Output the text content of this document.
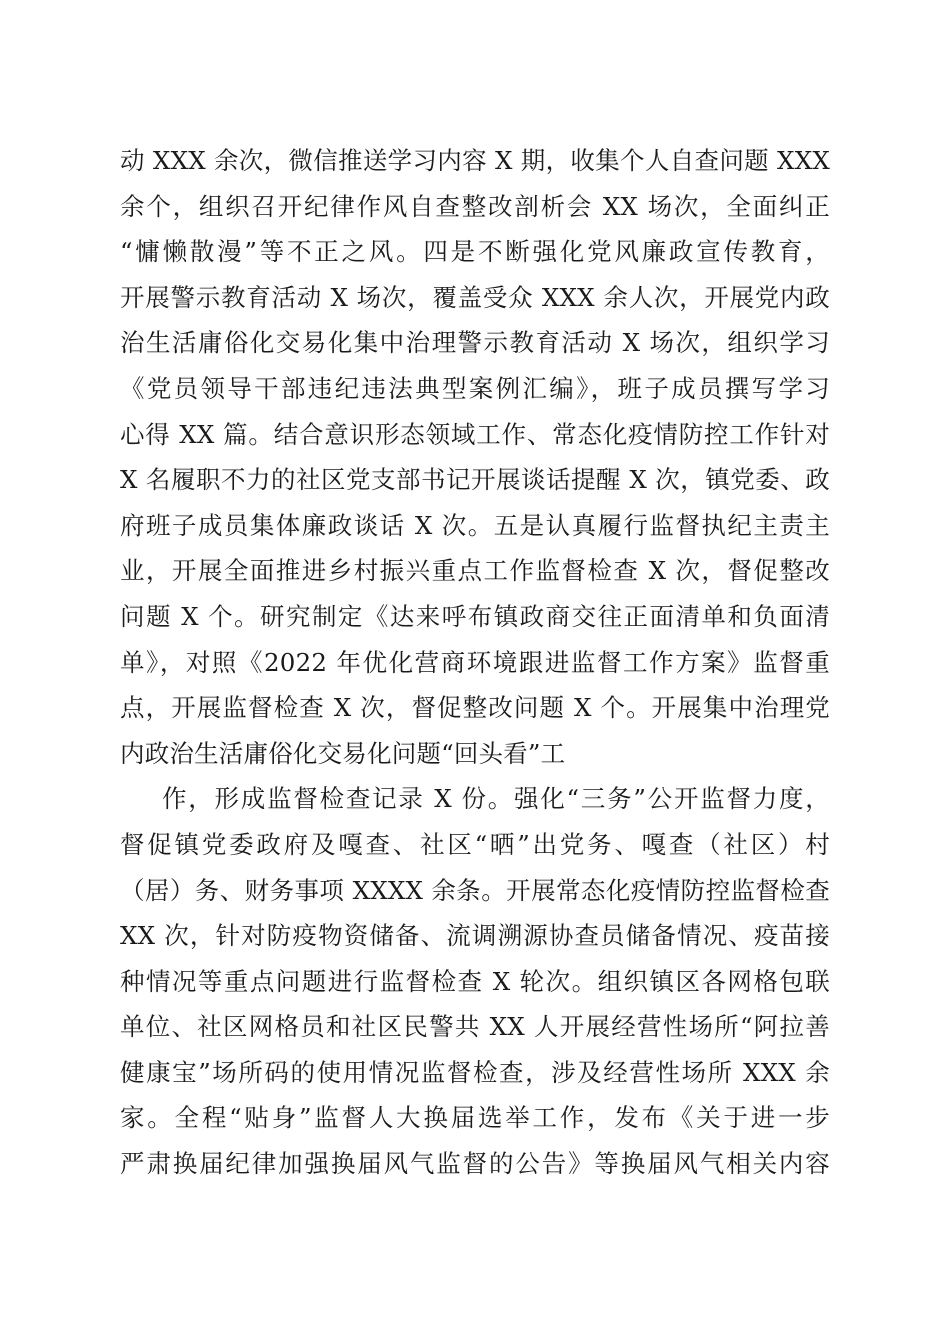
动 XXX 余次，微信推送学习内容 X 期，收集个人自查问题 XXX
余个，组织召开纪律作风自查整改剖析会 XX 场次，全面纠正
“慵懒散漫”等不正之风。四是不断强化党风廉政宣传教育，
开展警示教育活动 X 场次，覆盖受众 XXX 余人次，开展党内政
治生活庸俗化交易化集中治理警示教育活动 X 场次，组织学习
《党员领导干部违纪违法典型案例汇编》，班子成员撰写学习
心得 XX 篇。结合意识形态领域工作、常态化疫情防控工作针对
X 名履职不力的社区党支部书记开展谈话提醒 X 次，镇党委、政
府班子成员集体廉政谈话 X 次。五是认真履行监督执纪主责主
业，开展全面推进乡村振兴重点工作监督检查 X 次，督促整改
问题 X 个。研究制定《达来呼布镇政商交往正面清单和负面清
单》，对照《2022 年优化营商环境跟进监督工作方案》监督重
点，开展监督检查 X 次，督促整改问题 X 个。开展集中治理党
内政治生活庸俗化交易化问题“回头看”工
作，形成监督检查记录 X 份。强化“三务”公开监督力度，
督促镇党委政府及嘎查、社区“晒”出党务、嘎查（社区）村
（居）务、财务事项 XXXX 余条。开展常态化疫情防控监督检查
XX 次，针对防疫物资储备、流调溯源协查员储备情况、疫苗接
种情况等重点问题进行监督检查 X 轮次。组织镇区各网格包联
单位、社区网格员和社区民警共 XX 人开展经营性场所“阿拉善
健康宝”场所码的使用情况监督检查，涉及经营性场所 XXX 余
家。全程“贴身”监督人大换届选举工作，发布《关于进一步
严肃换届纪律加强换届风气监督的公告》等换届风气相关内容
